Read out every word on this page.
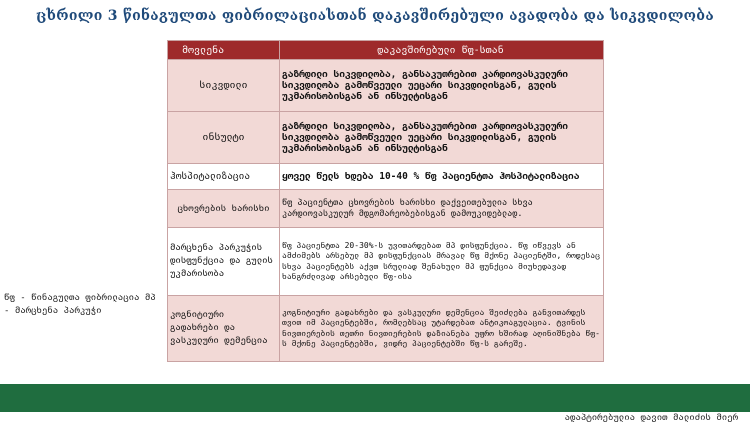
ცხრილი 3 წინაგულთა ფიბრილაციასთან დაკავშირებული ავადობა და სიკვდილობა
წფ - წინაგულთა ფიბრილაცია მპ - მარცხენა პარკუჭი
მოვლენა	დაკავშირებული წფ-სთან
სიკვდილი	გაზრდილი სიკვდილობა, განსაკუთრებით კარდიოვასკულური სიკვდილობა გამოწვეული უეცარი სიკვდილისგან, გულის უკმარისობისგან ან ინსულტისგან
ინსულტი	გაზრდილი სიკვდილობა, განსაკუთრებით კარდიოვასკულური სიკვდილობა გამოწვეული უეცარი სიკვდილისგან, გულის უკმარისობისგან ან ინსულტისგან
ჰოსპიტალიზაცია	ყოველ წელს ხდება 10-40 % წფ პაციენტთა ჰოსპიტალიზაცია
ცხოვრების ხარისხი	წფ პაციენტთა ცხოვრების ხარისხი დაქვეითებულია სხვა კარდიოვასკულურ მდგომარეობებისგან დამოუკიდებლად.
მარცხენა პარკუჭის დისფუნქცია და გულის უკმარისობა	წფ პაციენტთა 20-30%-ს უვითარდებათ მპ დისფუნქცია. წფ იწვევს ან ამძიმებს არსებულ მპ დისფუნქციას მრავალ წფ მქონე პაციენტში, როდესაც სხვა პაციენტებს აქვთ სრულიად შენახული მპ ფუნქცია მიუხედავად ხანგრძლივად არსებული წფ-ისა
კოგნიტიური გადახრები და ვასკულური დემენცია	კოგნიტიური გადახრები და ვასკულური დემენცია შეიძლება განვითარდეს თვით იმ პაციენტებში, რომლებსაც უტარდებათ ანტიკოაგულაცია. ტვინის ნივთიერების თეთრი ნივთიერების დაზიანება უფრო ხშირად აღინიშნება წფ-ს მქონე პაციენტებში, ვიდრე პაციენტებში წფ-ს გარეშე.
ადაპტირებულია დავით მალიძის მიერ
